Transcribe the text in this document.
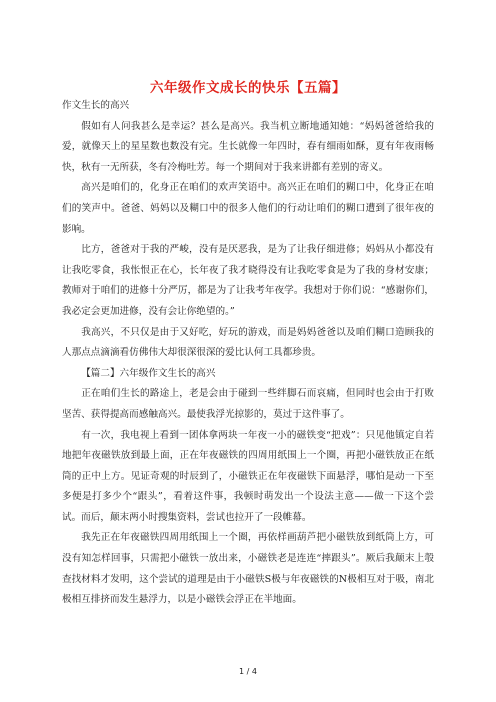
六年级作文成长的快乐【五篇】

作文生长的高兴

假如有人问我甚么是幸运？甚么是高兴。我当机立断地通知她：“妈妈爸爸给我的爱，就像天上的星星数也数没有完。生长就像一年四时，春有细雨如酥，夏有年夜雨畅快，秋有一无所获，冬有冷梅吐芳。每一个期间对于我来讲都有差别的寄义。

高兴是咱们的，化身正在咱们的欢声笑语中。高兴正在咱们的糊口中，化身正在咱们的笑声中。爸爸、妈妈以及糊口中的很多人他们的行动让咱们的糊口遭到了很年夜的影响。

比方，爸爸对于我的严峻，没有是厌恶我，是为了让我仔细进修；妈妈从小都没有让我吃零食，我怅恨正在心，长年夜了我才晓得没有让我吃零食是为了我的身材安康；教师对于咱们的进修十分严厉，都是为了让我考年夜学。我想对于你们说：“感谢你们，我必定会更加进修，没有会让你绝望的。”

我高兴，不只仅是由于又好吃，好玩的游戏，而是妈妈爸爸以及咱们糊口造顾我的人那点点滴滴看仿佛伟大却很深很深的爱比认何工具都珍贵。

【篇二】六年级作文生长的高兴

正在咱们生长的路途上，老是会由于碰到一些绊脚石而哀痛，但同时也会由于打败坚苦、获得提高而感触高兴。最使我浮光掠影的，莫过于这件事了。

有一次，我电视上看到一团体拿两块一年夜一小的磁铁变“把戏”：只见他镇定自若地把年夜磁铁放到最上面，正在年夜磁铁的四周用纸围上一个圈，再把小磁铁放正在纸筒的正中上方。见证奇观的时辰到了，小磁铁正在年夜磁铁下面悬浮，哪怕是动一下至多便是打多少个“跟头”，看着这件事，我顿时萌发出一个设法主意——做一下这个尝试。而后，颠末两小时搜集资料，尝试也拉开了一段帷幕。

我先正在年夜磁铁四周用纸围上一个圈，再依样画葫芦把小磁铁放到纸筒上方，可没有知怎样回事，只需把小磁铁一放出来，小磁铁老是连连“摔跟头”。厥后我颠末上彀查找材料才发明，这个尝试的道理是由于小磁铁S极与年夜磁铁的N极相互对于吸，南北极相互排挤而发生悬浮力，以是小磁铁会浮正在半地面。

1 / 4
